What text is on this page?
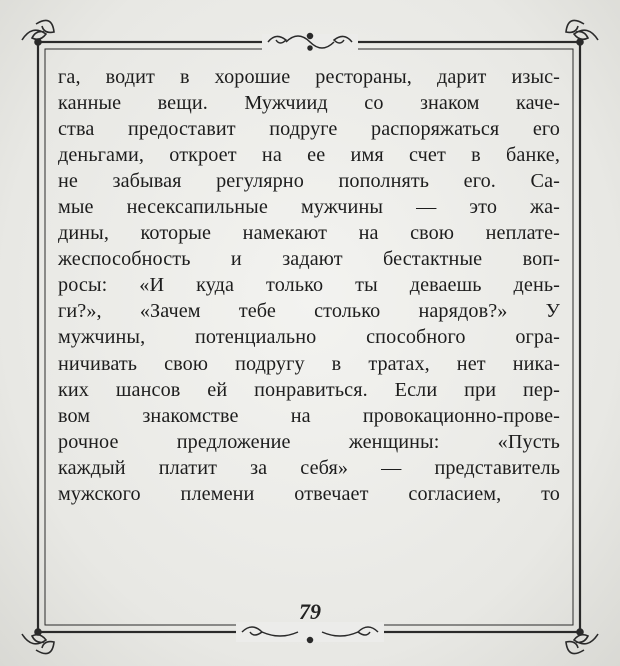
га, водит в хорошие рестораны, дарит изыс-
канные вещи. Мужчиид со знаком каче-
ства предоставит подруге распоряжаться его
деньгами, откроет на ее имя счет в банке,
не забывая регулярно пополнять его. Са-
мые несексапильные мужчины — это жа-
дины, которые намекают на свою неплате-
жеспособность и задают бестактные воп-
росы: «И куда только ты деваешь день-
ги?», «Зачем тебе столько нарядов?» У
мужчины, потенциально способного огра-
ничивать свою подругу в тратах, нет ника-
ких шансов ей понравиться. Если при пер-
вом знакомстве на провокационно-прове-
рочное предложение женщины: «Пусть
каждый платит за себя» — представитель
мужского племени отвечает согласием, то
79
